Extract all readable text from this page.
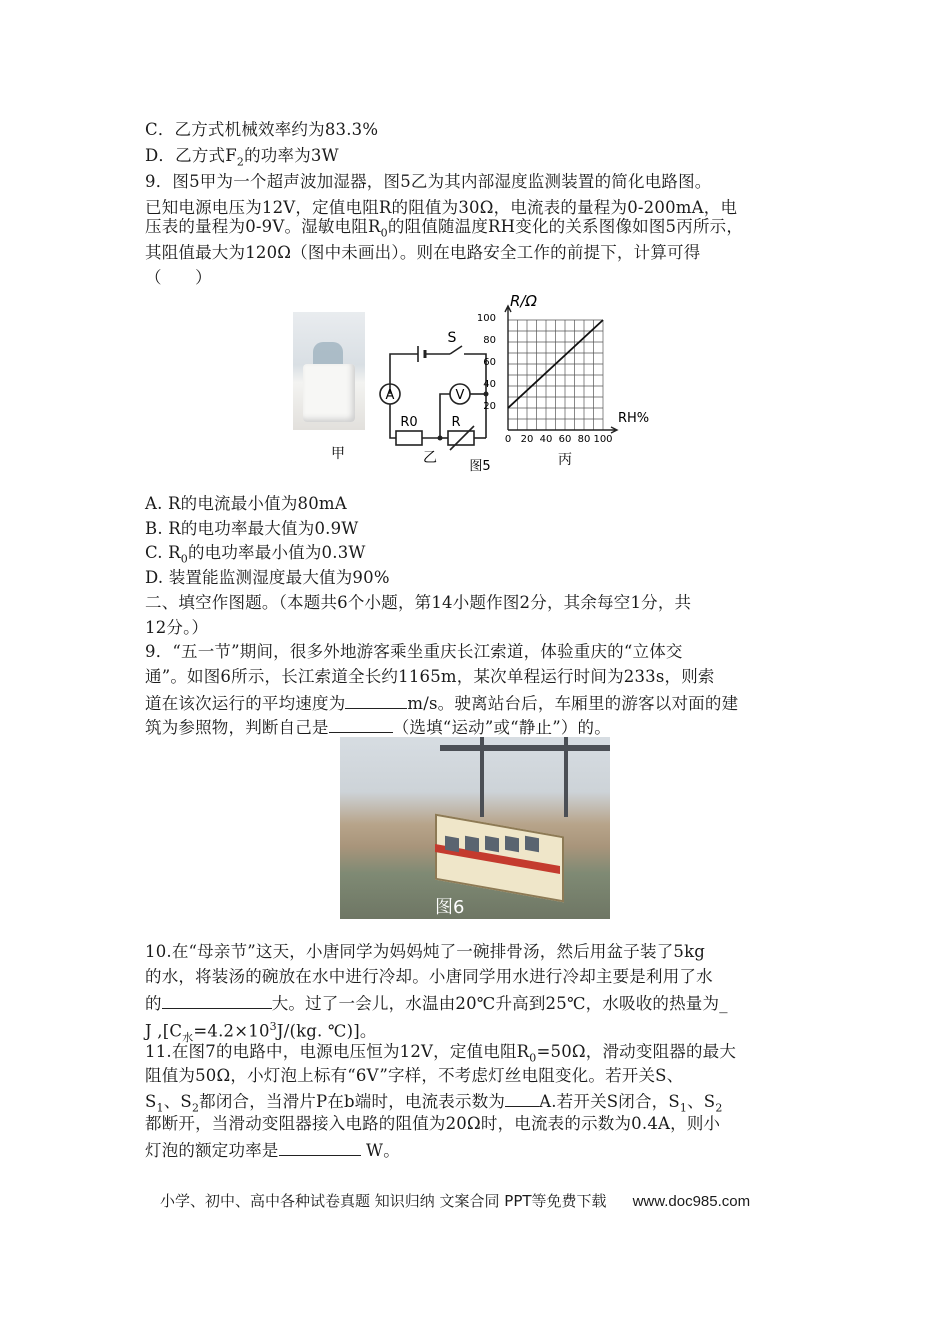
C．乙方式机械效率约为83.3%
D．乙方式$F_2$的功率为3W
9．图5甲为一个超声波加湿器，图5乙为其内部湿度监测装置的简化电路图。
已知电源电压为12V，定值电阻R的阻值为30Ω，电流表的量程为0-200mA，电
压表的量程为0-9V。湿敏电阻$R_0$的阻值随温度RH变化的关系图像如图5丙所示，
其阻值最大为120Ω（图中未画出）。则在电路安全工作的前提下，计算可得
（　　）
A	V
S
R0	R
甲	乙
图5	丙
R/Ω
RH%
100
80
60
40
20
0 20 40 60 80 100
A. R的电流最小值为80mA
B. R的电功率最大值为0.9W
C. $R_0$的电功率最小值为0.3W
D. 装置能监测湿度最大值为90%
二、填空作图题。（本题共6个小题，第14小题作图2分，其余每空1分，共
12分。）
9．“五一节”期间，很多外地游客乘坐重庆长江索道，体验重庆的“立体交
通”。如图6所示，长江索道全长约1165m，某次单程运行时间为233s，则索
道在该次运行的平均速度为	m/s。驶离站台后，车厢里的游客以对面的建
筑为参照物，判断自己是	（选填“运动”或“静止”）的。
图6
10.在“母亲节”这天，小唐同学为妈妈炖了一碗排骨汤，然后用盆子装了5kg
的水，将装汤的碗放在水中进行冷却。小唐同学用水进行冷却主要是利用了水
的	大。过了一会儿，水温由20℃升高到25℃，水吸收的热量为_
J $,[C_水=4.2\times 10^3J/(kg$. ℃)]。
11.在图7的电路中，电源电压恒为12V，定值电阻$R_0=50\Omega$，滑动变阻器的最大
阻值为50Ω，小灯泡上标有“6V”字样，不考虑灯丝电阻变化。若开关S、
$S_1$、$S_2$都闭合，当滑片P在b端时，电流表示数为 A.若开关S闭合，$S_1$、$S_2$
都断开，当滑动变阻器接入电路的阻值为20Ω时，电流表的示数为0.4A，则小
灯泡的额定功率是	W。
小学、初中、高中各种试卷真题 知识归纳 文案合同 PPT等免费下载 www.doc985.com
